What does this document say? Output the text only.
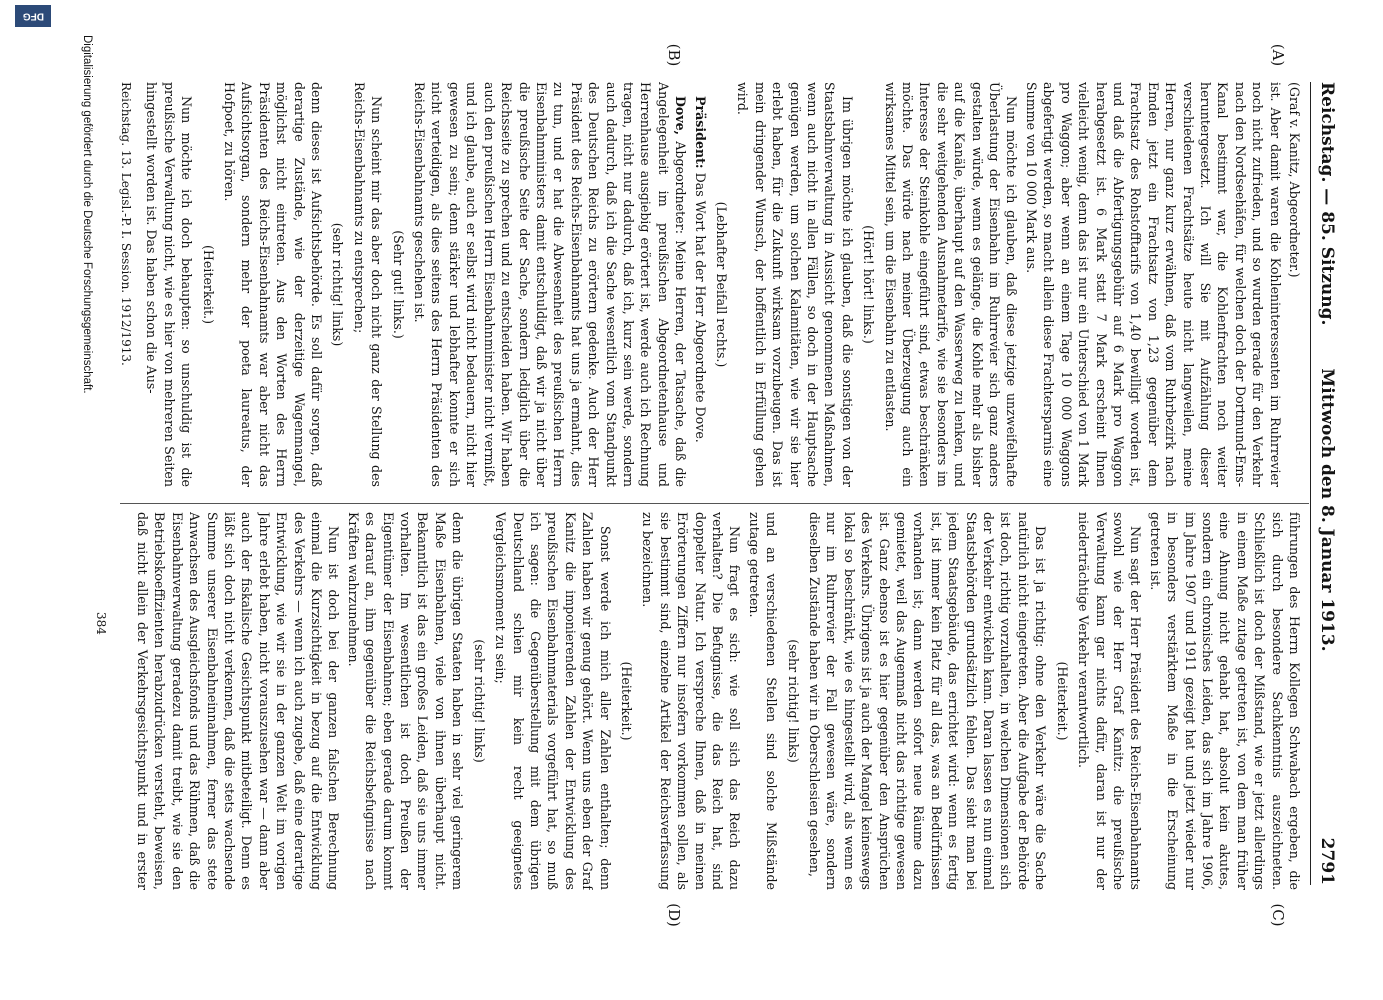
Reichstag. — 85. Sitzung.
Mittwoch den 8. Januar 1913.
2791
(A)
(B)
(C)
(D)

(Graf v. Kanitz, Abgeordneter.)

ist. Aber damit waren die Kohleninteressenten im Ruhrrevier noch nicht zufrieden, und so wurden gerade für den Verkehr nach den Nordseehäfen, für welchen doch der Dortmund-Ems-Kanal bestimmt war, die Kohlenfrachten noch weiter heruntergesetzt. Ich will Sie mit Aufzählung dieser verschiedenen Frachtsätze heute nicht langweilen, meine Herren, nur ganz kurz erwähnen, daß vom Ruhrbezirk nach Emden jetzt ein Frachtsatz von 1,23 gegenüber dem Frachtsatz des Rohstofftarifs von 1,40 bewilligt worden ist, und daß die Abfertigungsgebühr auf 6 Mark pro Waggon herabgesetzt ist. 6 Mark statt 7 Mark erscheint Ihnen vielleicht wenig, denn das ist nur ein Unterschied von 1 Mark pro Waggon; aber wenn an einem Tage 10 000 Waggons abgefertigt werden, so macht allein diese Frachtersparnis eine Summe von 10 000 Mark aus.

Nun möchte ich glauben, daß diese jetzige unzweifelhafte Überlastung der Eisenbahn im Ruhrrevier sich ganz anders gestalten würde, wenn es gelänge, die Kohle mehr als bisher auf die Kanäle, überhaupt auf den Wasserweg zu lenken, und die sehr weitgehenden Ausnahmetarife, wie sie besonders im Interesse der Steinkohle eingeführt sind, etwas beschränken möchte. Das würde nach meiner Überzeugung auch ein wirksames Mittel sein, um die Eisenbahn zu entlasten.

(Hört! hört! links.)

Im übrigen möchte ich glauben, daß die sonstigen von der Staatsbahnverwaltung in Aussicht genommenen Maßnahmen, wenn auch nicht in allen Fällen, so doch in der Hauptsache genügen werden, um solchen Kalamitäten, wie wir sie hier erlebt haben, für die Zukunft wirksam vorzubeugen. Das ist mein dringender Wunsch, der hoffentlich in Erfüllung gehen wird.

(Lebhafter Beifall rechts.)

Präsident: Das Wort hat der Herr Abgeordnete Dove.

Dove, Abgeordneter: Meine Herren, der Tatsache, daß die Angelegenheit im preußischen Abgeordnetenhause und Herrenhause ausgiebig erörtert ist, werde auch ich Rechnung tragen, nicht nur dadurch, daß ich, kurz sein werde, sondern auch dadurch, daß ich die Sache wesentlich vom Standpunkt des Deutschen Reichs zu erörtern gedenke. Auch der Herr Präsident des Reichs-Eisenbahnamts hat uns ja ermahnt, dies zu tun, und er hat die Abwesenheit des preußischen Herrn Eisenbahnministers damit entschuldigt, daß wir ja nicht über die preußische Seite der Sache, sondern lediglich über die Reichsseite zu sprechen und zu entscheiden haben. Wir haben auch den preußischen Herrn Eisenbahnminister nicht vermißt, und ich glaube, auch er selbst wird nicht bedauern, nicht hier gewesen zu sein; denn stärker und lebhafter konnte er sich nicht verteidigen, als dies seitens des Herrn Präsidenten des Reichs-Eisenbahnamts geschehen ist.

(Sehr gut! links.)

Nun scheint mir das aber doch nicht ganz der Stellung des Reichs-Eisenbahnamts zu entsprechen;

(sehr richtig! links)

denn dieses ist Aufsichtsbehörde. Es soll dafür sorgen, daß derartige Zustände, wie der derzeitige Wagenmangel, möglichst nicht eintreten. Aus den Worten des Herrn Präsidenten des Reichs-Eisenbahnamts war aber nicht das Aufsichtsorgan, sondern mehr der poeta laureatus, der Hofpoet, zu hören.

(Heiterkeit.)

Nun möchte ich doch behaupten: so unschuldig ist die preußische Verwaltung nicht, wie es hier von mehreren Seiten hingestellt worden ist. Das haben schon die Aus-

führungen des Herrn Kollegen Schwabach ergeben, die sich durch besondere Sachkenntnis auszeichneten. Schließlich ist doch der Mißstand, wie er jetzt allerdings in einem Maße zutage getreten ist, von dem man früher eine Ahnung nicht gehabt hat, absolut kein akutes, sondern ein chronisches Leiden, das sich im Jahre 1906, im Jahre 1907 und 1911 gezeigt hat und jetzt wieder nur in besonders verstärktem Maße in die Erscheinung getreten ist.

Nun sagt der Herr Präsident des Reichs-Eisenbahnamts sowohl wie der Herr Graf Kanitz: die preußische Verwaltung kann gar nichts dafür, daran ist nur der niederträchtige Verkehr verantwortlich.

(Heiterkeit.)

Das ist ja richtig: ohne den Verkehr wäre die Sache natürlich nicht eingetreten. Aber die Aufgabe der Behörde ist doch, richtig vorzuhalten, in welchen Dimensionen sich der Verkehr entwickeln kann. Daran lassen es nun einmal Staatsbehörden grundsätzlich fehlen. Das sieht man bei jedem Staatsgebäude, das errichtet wird: wenn es fertig ist, ist immer kein Platz für all das, was an Bedürfnissen vorhanden ist; dann werden sofort neue Räume dazu gemietet, weil das Augenmaß nicht das richtige gewesen ist. Ganz ebenso ist es hier gegenüber den Ansprüchen des Verkehrs. Übrigens ist ja auch der Mangel keineswegs lokal so beschränkt, wie es hingestellt wird, als wenn es nur im Ruhrrevier der Fall gewesen wäre, sondern dieselben Zustände haben wir in Oberschlesien gesehen,

(sehr richtig! links)

und an verschiedenen Stellen sind solche Mißstände zutage getreten.

Nun fragt es sich: wie soll sich das Reich dazu verhalten? Die Befugnisse, die das Reich hat, sind doppelter Natur. Ich verspreche Ihnen, daß in meinen Erörterungen Ziffern nur insofern vorkommen sollen, als sie bestimmt sind, einzelne Artikel der Reichsverfassung zu bezeichnen.

(Heiterkeit.)

Sonst werde ich mich aller Zahlen enthalten; denn Zahlen haben wir genug gehört. Wenn uns eben der Graf Kanitz die imponierenden Zahlen der Entwicklung des preußischen Eisenbahnmaterials vorgeführt hat, so muß ich sagen: die Gegenüberstellung mit dem übrigen Deutschland schien mir kein recht geeignetes Vergleichsmoment zu sein;

(sehr richtig! links)

denn die übrigen Staaten haben in sehr viel geringerem Maße Eisenbahnen, viele von ihnen überhaupt nicht. Bekanntlich ist das ein großes Leiden, daß sie uns immer vorhalten. Im wesentlichen ist doch Preußen der Eigentümer der Eisenbahnen; eben gerade darum kommt es darauf an, ihm gegenüber die Reichsbefugnisse nach Kräften wahrzunehmen.

Nun ist doch bei der ganzen falschen Berechnung einmal die Kurzsichtigkeit in bezug auf die Entwicklung des Verkehrs — wenn ich auch zugebe, daß eine derartige Entwicklung, wie wir sie in der ganzen Welt im vorigen Jahre erlebt haben, nicht vorauszusehen war — dann aber auch der fiskalische Gesichtspunkt mitbeteiligt. Denn es läßt sich doch nicht verkennen, daß die stets wachsende Summe unserer Eisenbahneinnahmen, ferner das stete Anwachsen des Ausgleichsfonds und das Rühmen, daß die Eisenbahnverwaltung geradezu damit treibt, wie sie den Betriebskoeffizienten herabzudrücken versteht, beweisen, daß nicht allein der Verkehrsgesichtspunkt und in erster

Reichstag. 13. Legisl.-P. I. Session. 1912/1913.
384
Digitalisierung gefördert durch die Deutsche Forschungsgemeinschaft.
DFG
